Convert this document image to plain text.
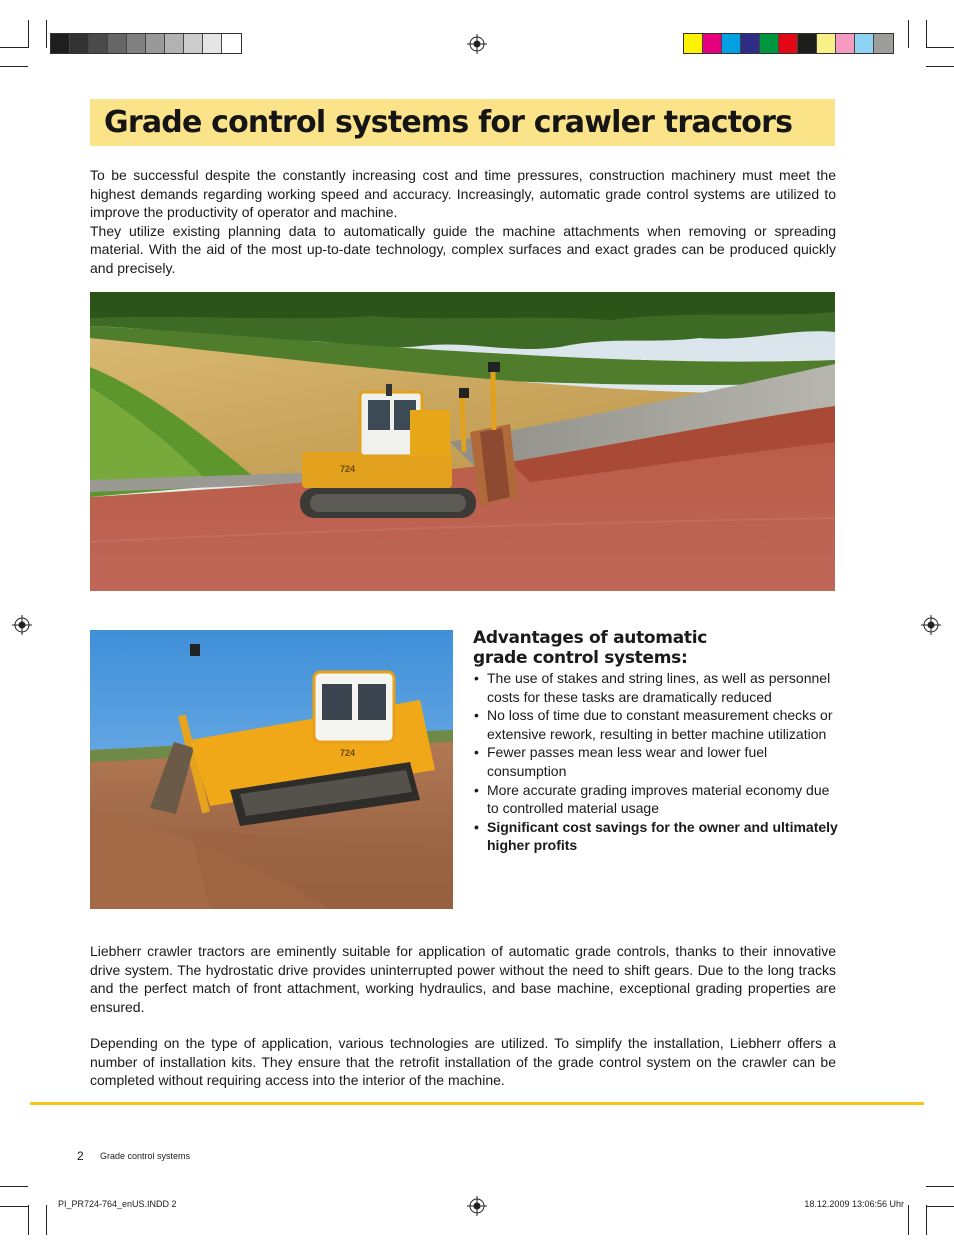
Grade control systems for crawler tractors

To be successful despite the constantly increasing cost and time pressures, construction machinery must meet the highest demands regarding working speed and accuracy. Increasingly, automatic grade control systems are utilized to improve the productivity of operator and machine.

They utilize existing planning data to automatically guide the machine attachments when removing or spreading material. With the aid of the most up-to-date technology, complex surfaces and exact grades can be produced quickly and precisely.

724
724
Advantages of automatic
grade control systems:
• The use of stakes and string lines, as well as personnel costs for these tasks are dramatically reduced
• No loss of time due to constant measurement checks or extensive rework, resulting in better machine utilization
• Fewer passes mean less wear and lower fuel consumption
• More accurate grading improves material economy due to controlled material usage
• Significant cost savings for the owner and ultimately higher profits

Liebherr crawler tractors are eminently suitable for application of automatic grade controls, thanks to their innovative drive system. The hydrostatic drive provides uninterrupted power without the need to shift gears. Due to the long tracks and the perfect match of front attachment, working hydraulics, and base machine, exceptional grading properties are ensured.

Depending on the type of application, various technologies are utilized. To simplify the installation, Liebherr offers a number of installation kits. They ensure that the retrofit installation of the grade control system on the crawler can be completed without requiring access into the interior of the machine.

2 Grade control systems
PI_PR724-764_enUS.INDD 2	18.12.2009 13:06:56 Uhr
